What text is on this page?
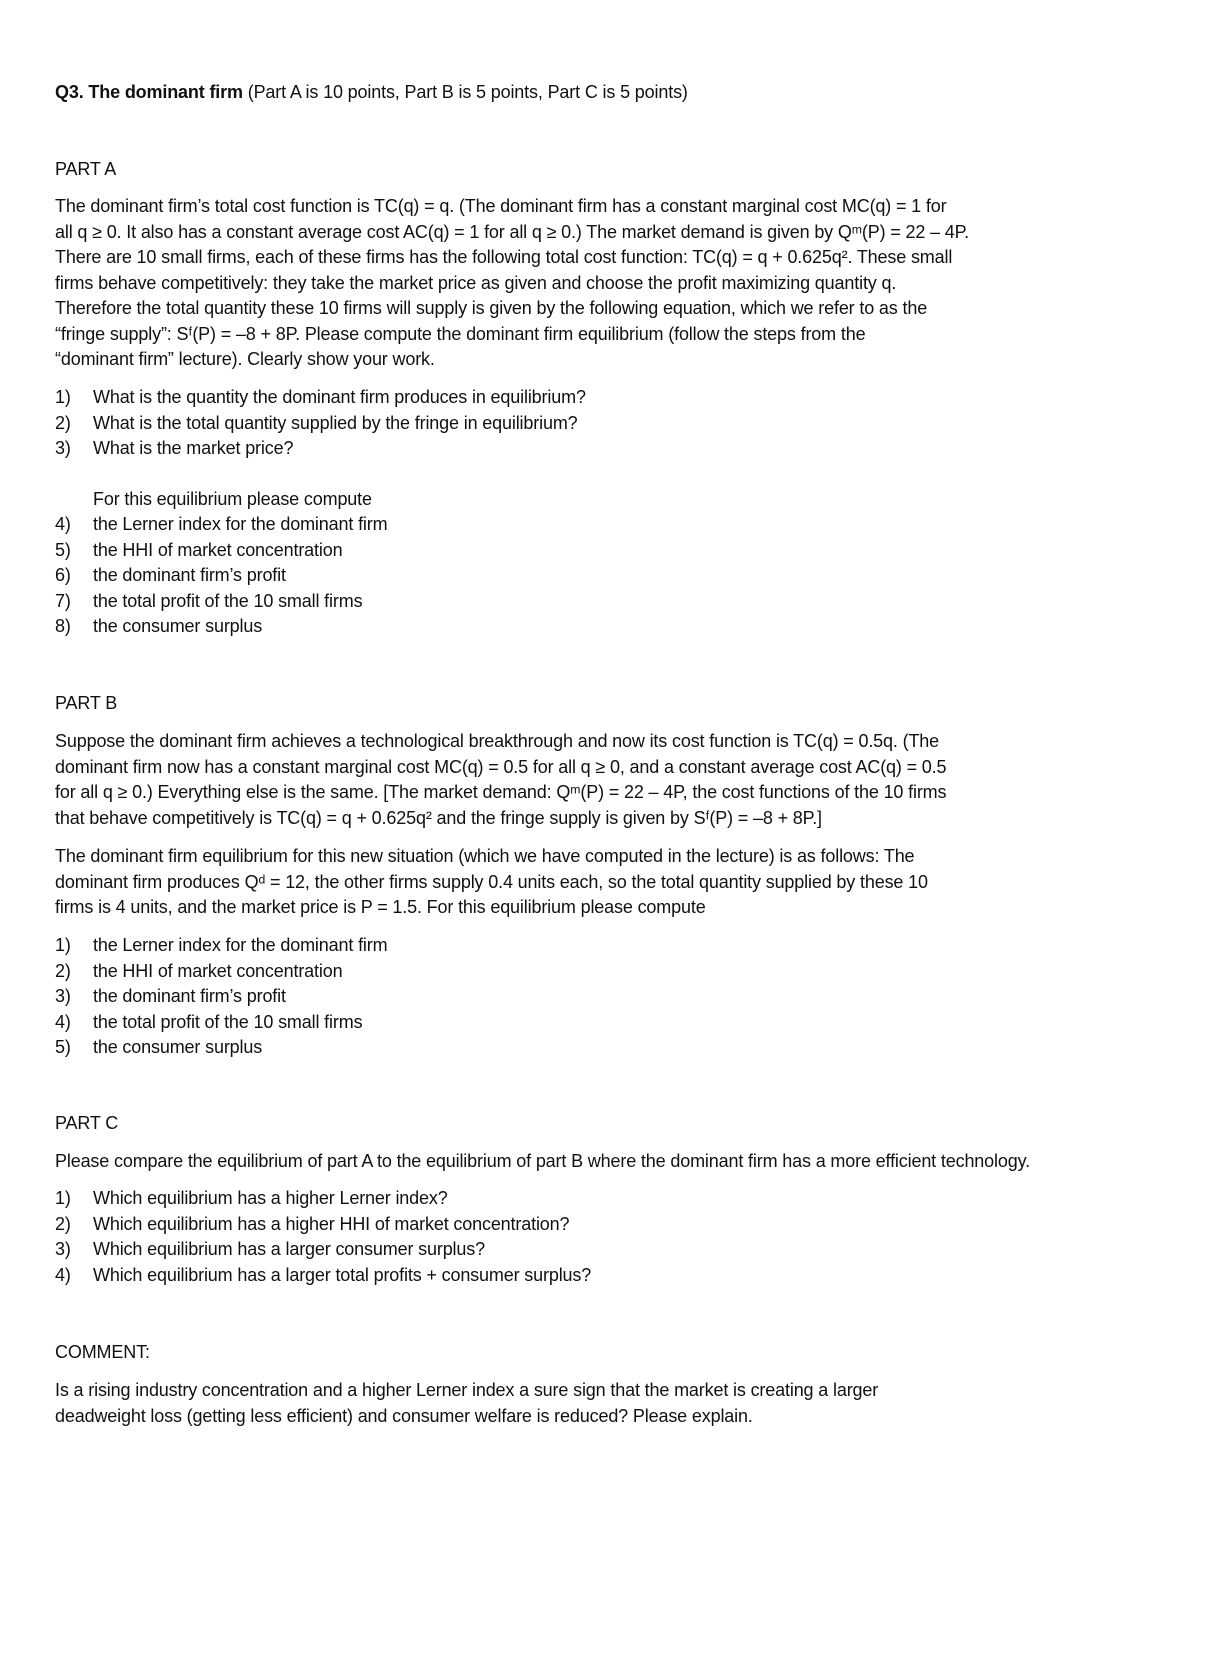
Q3. The dominant firm (Part A is 10 points, Part B is 5 points, Part C is 5 points)
PART A
The dominant firm’s total cost function is TC(q) = q. (The dominant firm has a constant marginal cost MC(q) = 1 for
all q ≥ 0. It also has a constant average cost AC(q) = 1 for all q ≥ 0.) The market demand is given by Qᵐ(P) = 22 – 4P.
There are 10 small firms, each of these firms has the following total cost function: TC(q) = q + 0.625q². These small
firms behave competitively: they take the market price as given and choose the profit maximizing quantity q.
Therefore the total quantity these 10 firms will supply is given by the following equation, which we refer to as the
“fringe supply”: Sᶠ(P) = –8 + 8P. Please compute the dominant firm equilibrium (follow the steps from the
“dominant firm” lecture). Clearly show your work.
1)	What is the quantity the dominant firm produces in equilibrium?
2)	What is the total quantity supplied by the fringe in equilibrium?
3)	What is the market price?
For this equilibrium please compute
4)	the Lerner index for the dominant firm
5)	the HHI of market concentration
6)	the dominant firm’s profit
7)	the total profit of the 10 small firms
8)	the consumer surplus
PART B
Suppose the dominant firm achieves a technological breakthrough and now its cost function is TC(q) = 0.5q. (The
dominant firm now has a constant marginal cost MC(q) = 0.5 for all q ≥ 0, and a constant average cost AC(q) = 0.5
for all q ≥ 0.) Everything else is the same. [The market demand: Qᵐ(P) = 22 – 4P, the cost functions of the 10 firms
that behave competitively is TC(q) = q + 0.625q² and the fringe supply is given by Sᶠ(P) = –8 + 8P.]
The dominant firm equilibrium for this new situation (which we have computed in the lecture) is as follows: The
dominant firm produces Qᵈ = 12, the other firms supply 0.4 units each, so the total quantity supplied by these 10
firms is 4 units, and the market price is P = 1.5. For this equilibrium please compute
1)	the Lerner index for the dominant firm
2)	the HHI of market concentration
3)	the dominant firm’s profit
4)	the total profit of the 10 small firms
5)	the consumer surplus
PART C
Please compare the equilibrium of part A to the equilibrium of part B where the dominant firm has a more efficient technology.
1)	Which equilibrium has a higher Lerner index?
2)	Which equilibrium has a higher HHI of market concentration?
3)	Which equilibrium has a larger consumer surplus?
4)	Which equilibrium has a larger total profits + consumer surplus?
COMMENT:
Is a rising industry concentration and a higher Lerner index a sure sign that the market is creating a larger
deadweight loss (getting less efficient) and consumer welfare is reduced? Please explain.
